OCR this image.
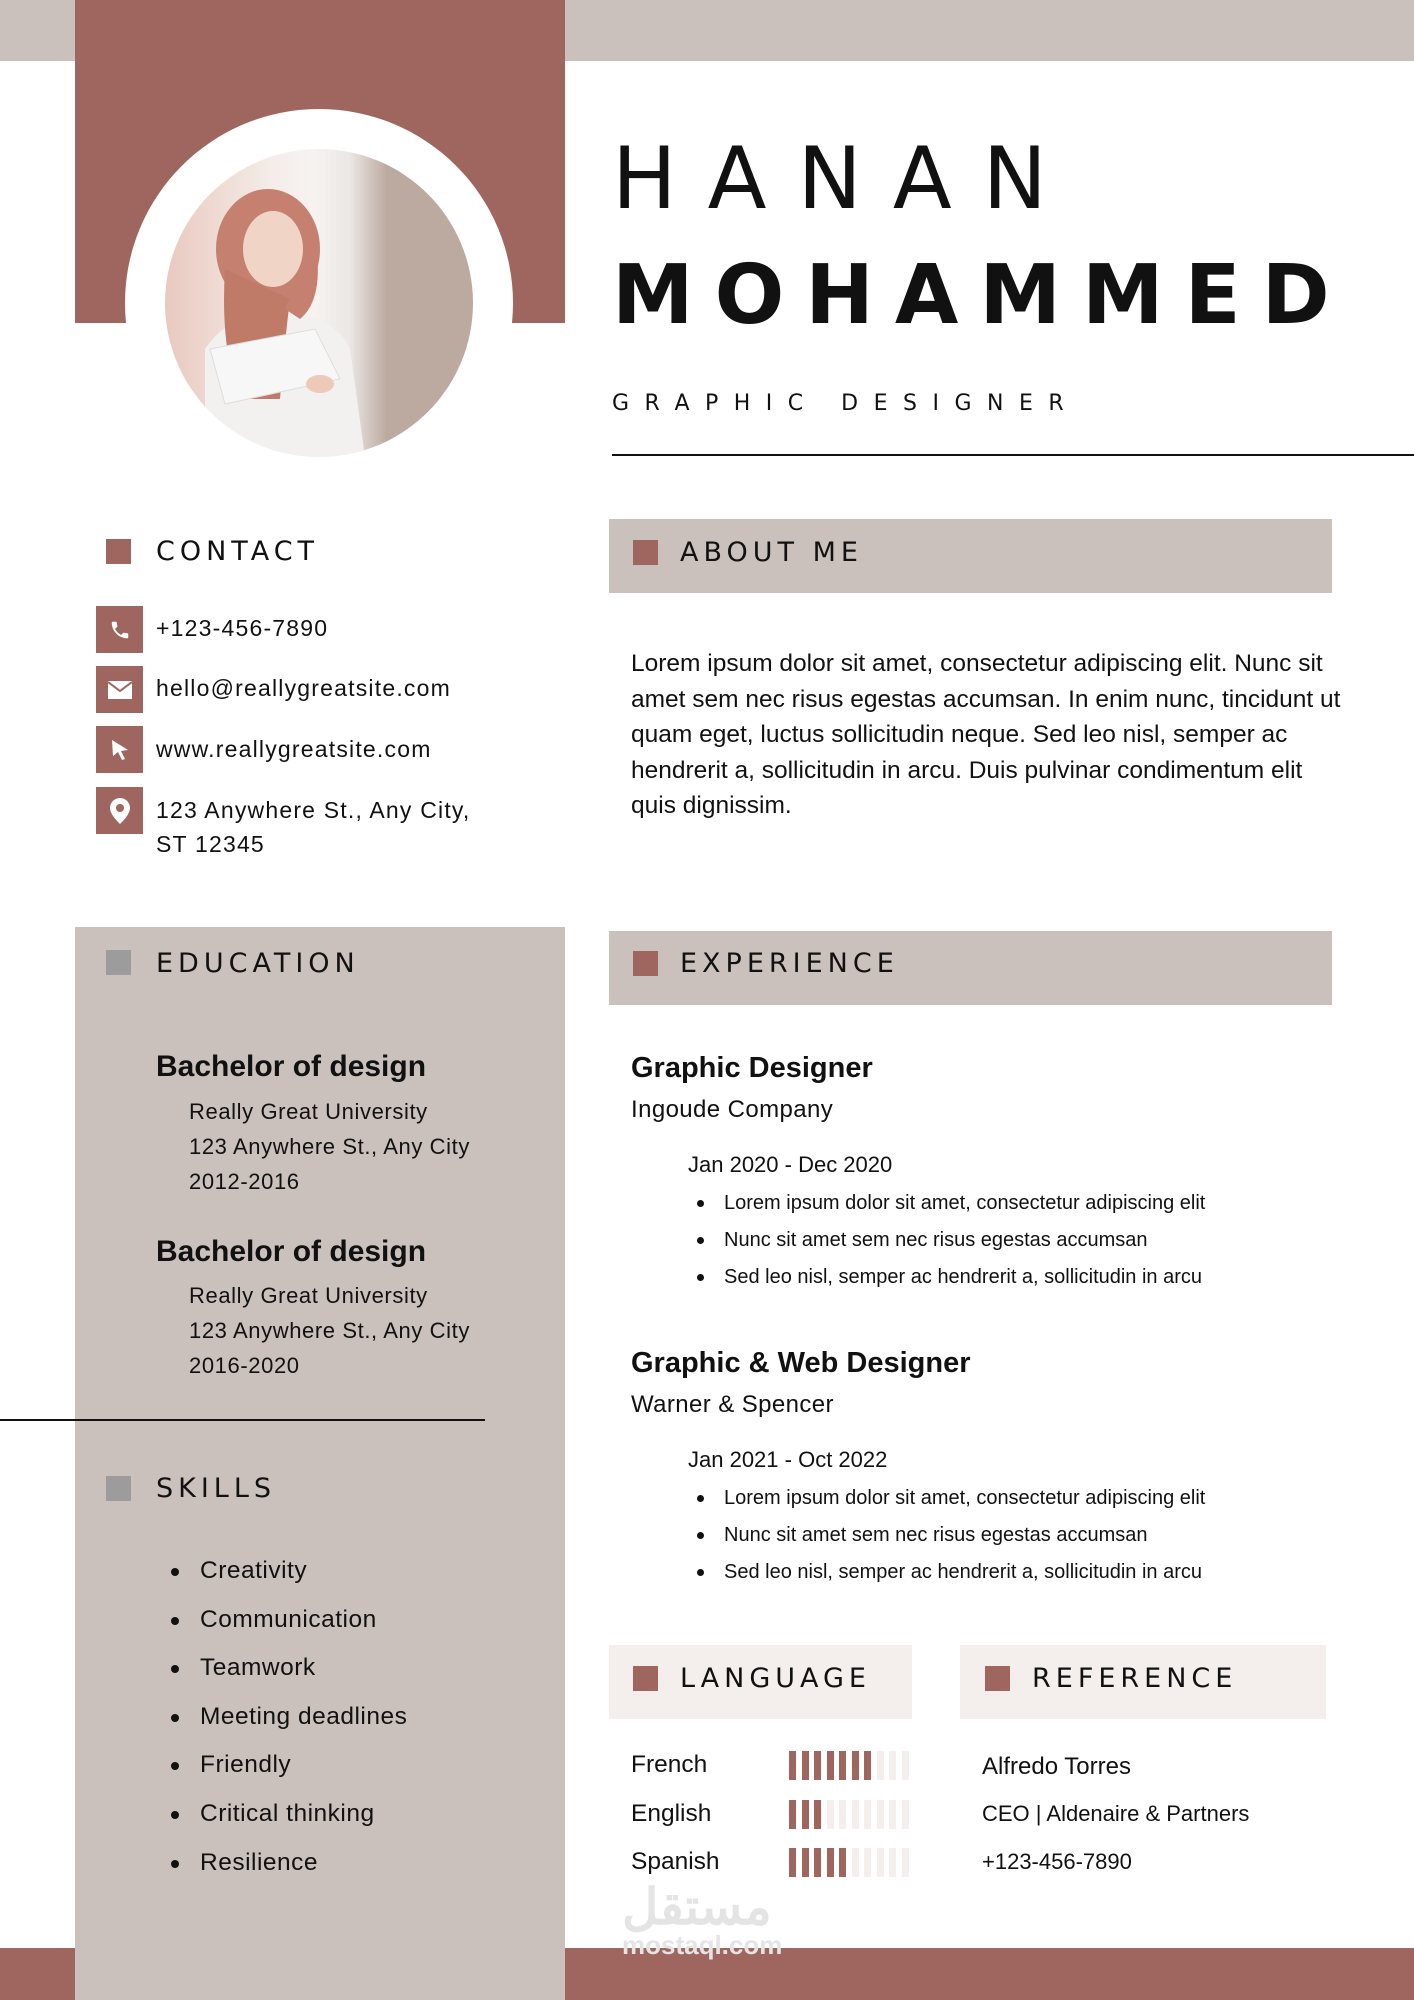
HANAN
MOHAMMED
GRAPHIC DESIGNER
CONTACT
+123-456-7890
hello@reallygreatsite.com
www.reallygreatsite.com
123 Anywhere St., Any City,
ST 12345
ABOUT ME
Lorem ipsum dolor sit amet, consectetur adipiscing elit. Nunc sit amet sem nec risus egestas accumsan. In enim nunc, tincidunt ut quam eget, luctus sollicitudin neque. Sed leo nisl, semper ac hendrerit a, sollicitudin in arcu. Duis pulvinar condimentum elit quis dignissim.
EDUCATION
Bachelor of design
Really Great University
123 Anywhere St., Any City
2012-2016
Bachelor of design
Really Great University
123 Anywhere St., Any City
2016-2020
SKILLS
Creativity
Communication
Teamwork
Meeting deadlines
Friendly
Critical thinking
Resilience
EXPERIENCE
Graphic Designer
Ingoude Company
Jan 2020 - Dec 2020
Lorem ipsum dolor sit amet, consectetur adipiscing elit
Nunc sit amet sem nec risus egestas accumsan
Sed leo nisl, semper ac hendrerit a, sollicitudin in arcu
Graphic & Web Designer
Warner & Spencer
Jan 2021 - Oct 2022
Lorem ipsum dolor sit amet, consectetur adipiscing elit
Nunc sit amet sem nec risus egestas accumsan
Sed leo nisl, semper ac hendrerit a, sollicitudin in arcu
LANGUAGE
French
English
Spanish
REFERENCE
Alfredo Torres
CEO | Aldenaire & Partners
+123-456-7890
مستقل
mostaql.com
